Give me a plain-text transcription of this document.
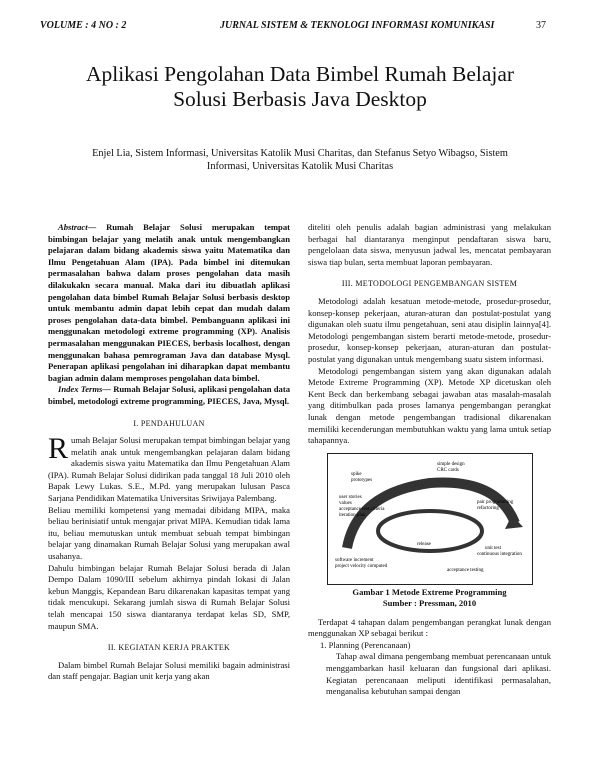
VOLUME : 4 NO : 2	JURNAL SISTEM & TEKNOLOGI INFORMASI KOMUNIKASI	37
Aplikasi Pengolahan Data Bimbel Rumah Belajar Solusi Berbasis Java Desktop
Enjel Lia, Sistem Informasi, Universitas Katolik Musi Charitas, dan Stefanus Setyo Wibagso, Sistem Informasi, Universitas Katolik Musi Charitas

Abstract— Rumah Belajar Solusi merupakan tempat bimbingan belajar yang melatih anak untuk mengembangkan pelajaran dalam bidang akademis siswa yaitu Matematika dan Ilmu Pengetahuan Alam (IPA). Pada bimbel ini ditemukan permasalahan bahwa dalam proses pengolahan data masih dilakukakn secara manual. Maka dari itu dibuatlah aplikasi pengolahan data bimbel Rumah Belajar Solusi berbasis desktop untuk membantu admin dapat lebih cepat dan mudah dalam proses pengolahan data-data bimbel. Pembanguann aplikasi ini menggunakan metodologi extreme programming (XP). Analisis permasalahan menggunakan PIECES, berbasis localhost, dengan menggunakan bahasa pemrograman Java dan database Mysql. Penerapan aplikasi pengolahan ini diharapkan dapat membantu bagian admin dalam memproses pengolahan data bimbel.

Index Terms— Rumah Belajar Solusi, aplikasi pengolahan data bimbel, metodologi extreme programming, PIECES, Java, Mysql.

I. PENDAHULUAN

Rumah Belajar Solusi merupakan tempat bimbingan belajar yang melatih anak untuk mengembangkan pelajaran dalam bidang akademis siswa yaitu Matematika dan Ilmu Pengetahuan Alam (IPA). Rumah Belajar Solusi didirikan pada tanggal 18 Juli 2010 oleh Bapak Lewy Lukas. S.E., M.Pd. yang merupakan lulusan Pasca Sarjana Pendidikan Matematika Universitas Sriwijaya Palembang.

Beliau memiliki kompetensi yang memadai dibidang MIPA, maka beliau berinisiatif untuk mengajar privat MIPA. Kemudian tidak lama itu, beliau memutuskan untuk membuat sebuah tempat bimbingan belajar yang dinamakan Rumah Belajar Solusi yang merupakan awal usahanya.

Dahulu bimbingan belajar Rumah Belajar Solusi berada di Jalan Dempo Dalam 1090/III sebelum akhirnya pindah lokasi di Jalan kebun Manggis, Kepandean Baru dikarenakan kapasitas tempat yang tidak mencukupi. Sekarang jumlah siswa di Rumah Belajar Solusi telah mencapai 150 siswa diantaranya terdapat kelas SD, SMP, maupun SMA.

II. KEGIATAN KERJA PRAKTEK

Dalam bimbel Rumah Belajar Solusi memiliki bagain administrasi dan staff pengajar. Bagian unit kerja yang akan

diteliti oleh penulis adalah bagian administrasi yang melakukan berbagai hal diantaranya menginput pendaftaran siswa baru, pengelolaan data siswa, menyusun jadwal les, mencatat pembayaran siswa tiap bulan, serta membuat laporan pembayaran.

III. METODOLOGI PENGEMBANGAN SISTEM

Metodologi adalah kesatuan metode-metode, prosedur-prosedur, konsep-konsep pekerjaan, aturan-aturan dan postulat-postulat yang digunakan oleh suatu ilmu pengetahuan, seni atau disiplin lainnya[4]. Metodologi pengembangan sistem berarti metode-metode, prosedur-prosedur, konsep-konsep pekerjaan, aturan-aturan dan postulat-postulat yang digunakan untuk mengembang suatu sistem informasi.

Metodologi pengembangan sistem yang akan digunakan adalah Metode Extreme Programming (XP). Metode XP dicetuskan oleh Kent Beck dan berkembang sebagai jawaban atas masalah-masalah yang ditimbulkan pada proses lamanya pengembangan perangkat lunak dengan metode pengembangan tradisional dikarenakan memiliki kecenderungan membutuhkan waktu yang lama untuk setiap tahapannya.

spike
prototypes
user stories
values
acceptance test criteria
iteration plan
simple design
CRC cards
pair programming
refactoring
unit test
continuous integration
acceptance testing
release
software increment
project velocity computed
Gambar 1 Metode Extreme Programming
Sumber : Pressman, 2010

Terdapat 4 tahapan dalam pengembangan perangkat lunak dengan menggunakan XP sebagai berikut :

1. Planning (Perencanaan)

Tahap awal dimana pengembang membuat perencanaan untuk menggambarkan hasil keluaran dan fungsional dari aplikasi. Kegiatan perencanaan meliputi identifikasi permasalahan, menganalisa kebutuhan sampai dengan
